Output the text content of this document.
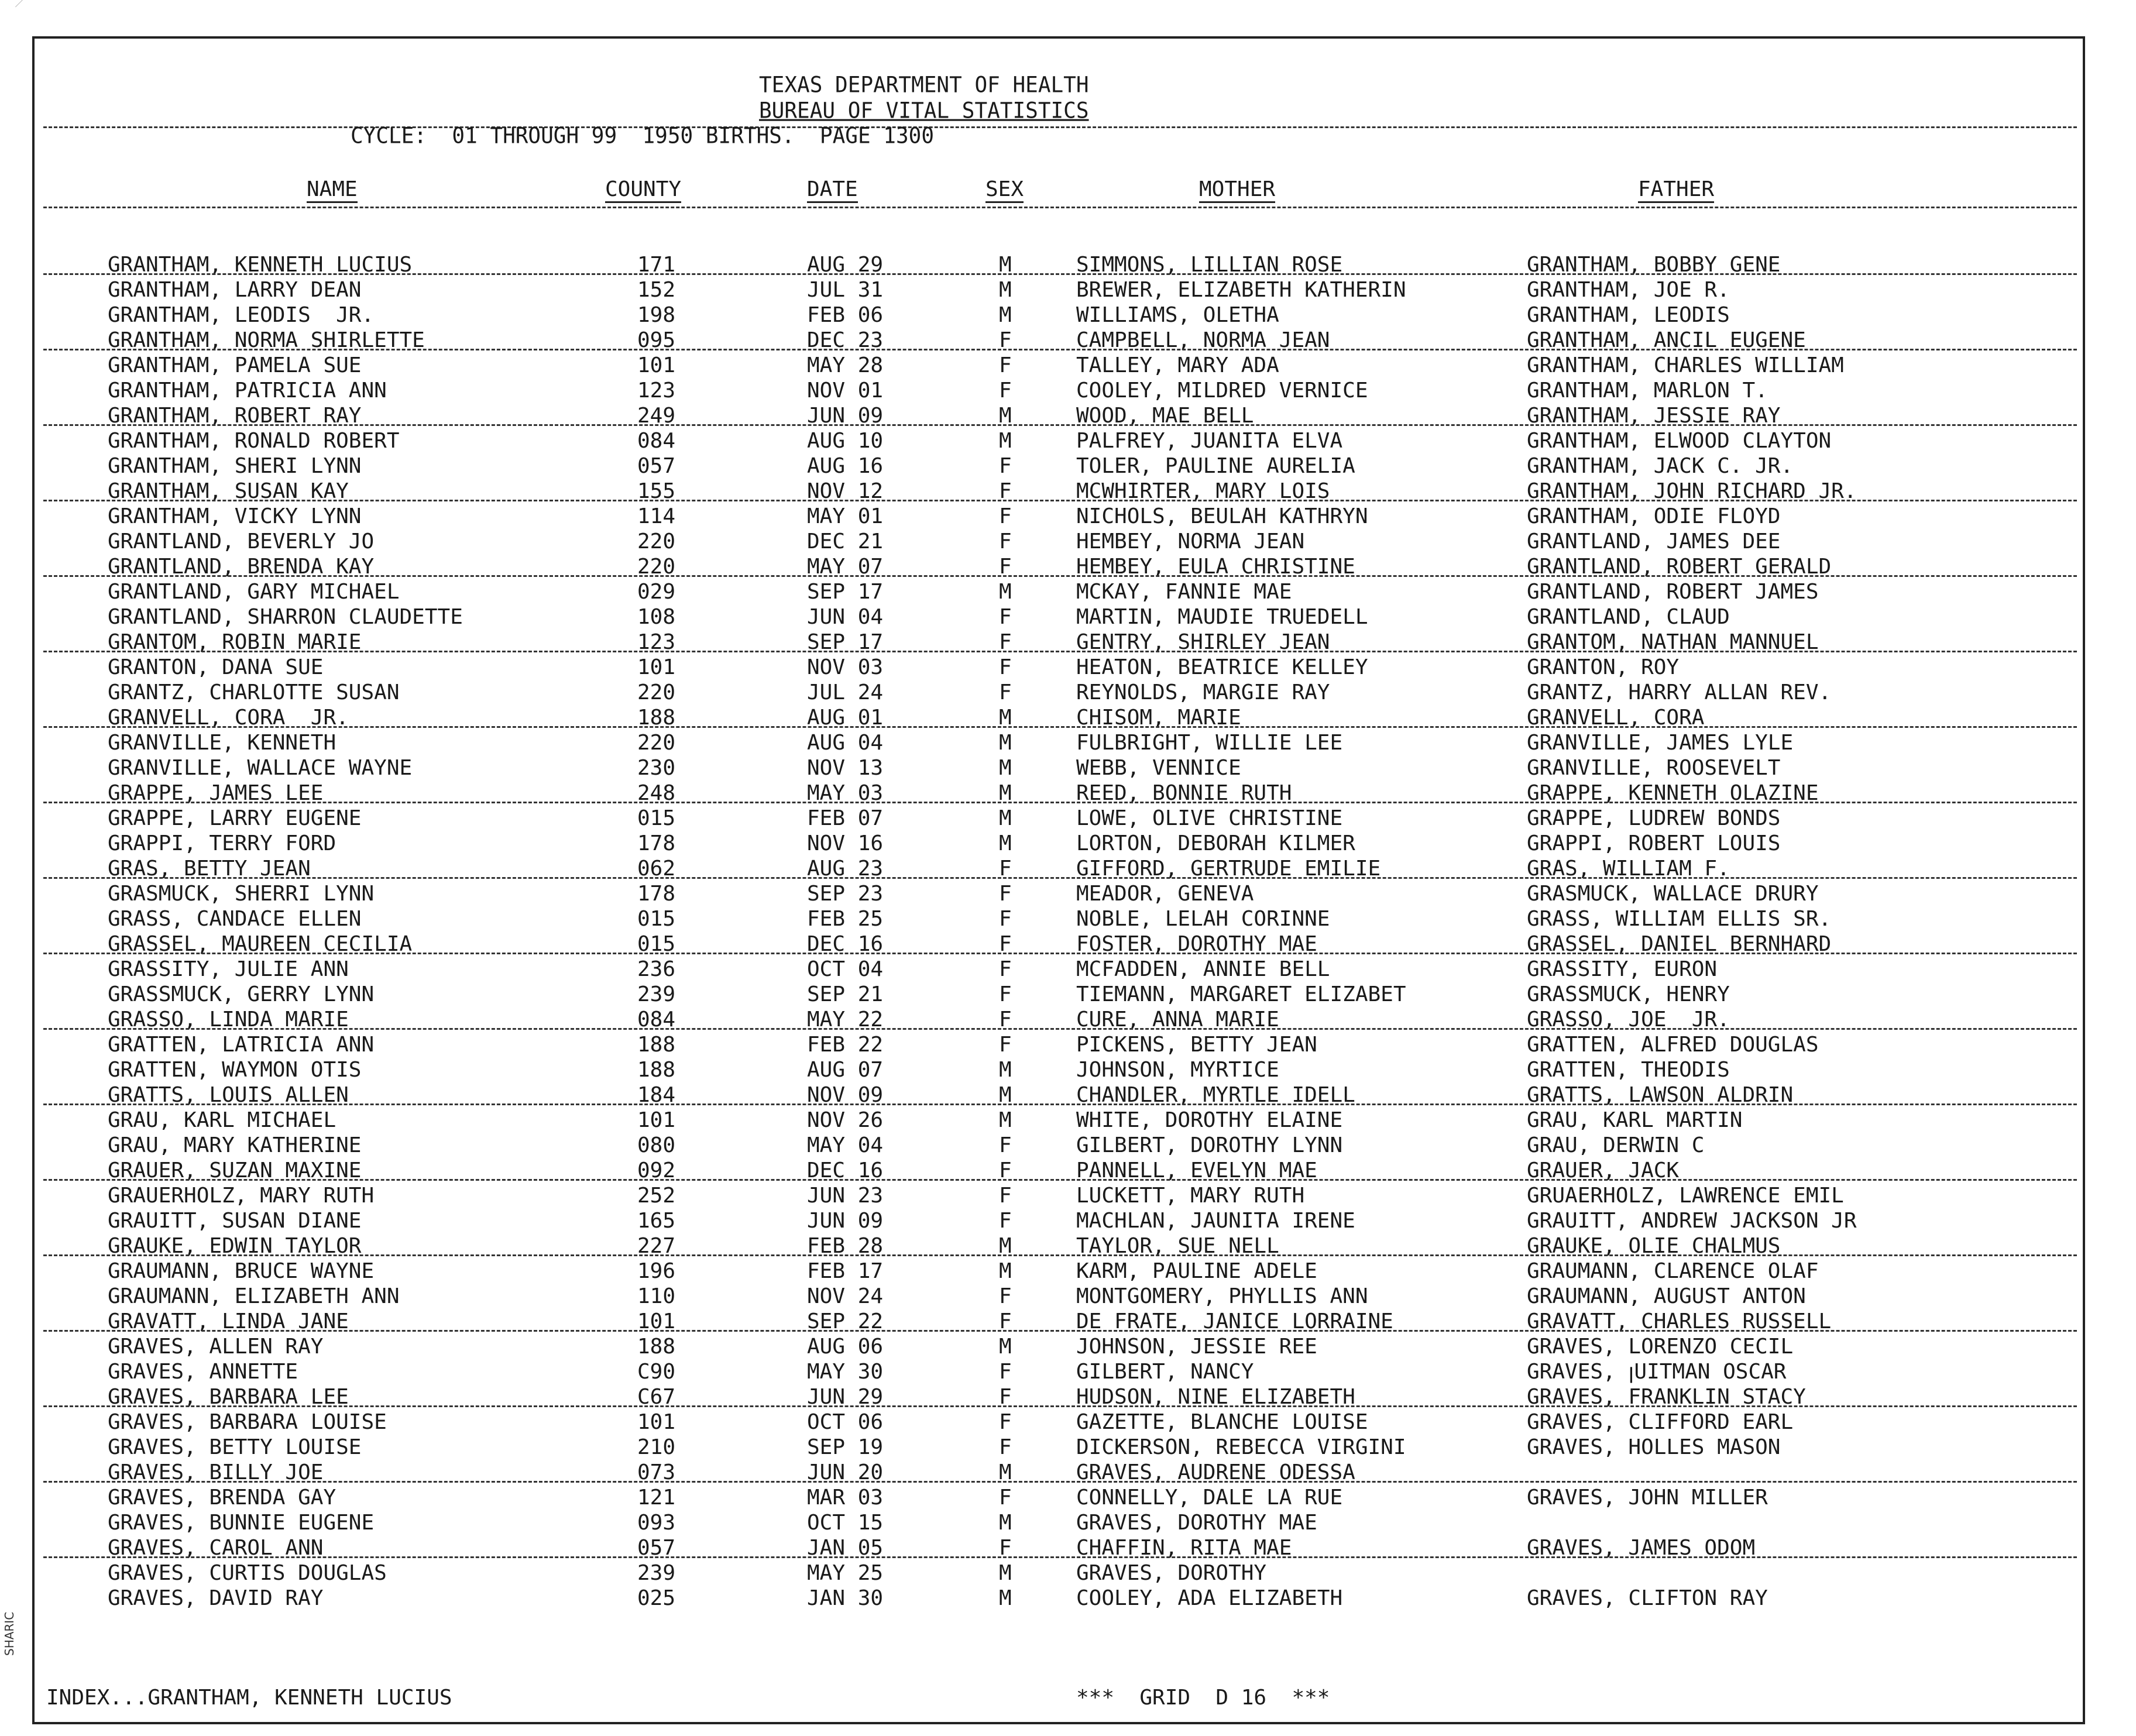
SHARIC
TEXAS DEPARTMENT OF HEALTH
BUREAU OF VITAL STATISTICS
CYCLE:  01 THROUGH 99  1950 BIRTHS.  PAGE 1300
NAME	COUNTY	DATE	SEX	MOTHER	FATHER
GRANTHAM, KENNETH LUCIUS	171	AUG 29	M	SIMMONS, LILLIAN ROSE	GRANTHAM, BOBBY GENE
GRANTHAM, LARRY DEAN	152	JUL 31	M	BREWER, ELIZABETH KATHERIN	GRANTHAM, JOE R.
GRANTHAM, LEODIS  JR.	198	FEB 06	M	WILLIAMS, OLETHA	GRANTHAM, LEODIS
GRANTHAM, NORMA SHIRLETTE	095	DEC 23	F	CAMPBELL, NORMA JEAN	GRANTHAM, ANCIL EUGENE
GRANTHAM, PAMELA SUE	101	MAY 28	F	TALLEY, MARY ADA	GRANTHAM, CHARLES WILLIAM
GRANTHAM, PATRICIA ANN	123	NOV 01	F	COOLEY, MILDRED VERNICE	GRANTHAM, MARLON T.
GRANTHAM, ROBERT RAY	249	JUN 09	M	WOOD, MAE BELL	GRANTHAM, JESSIE RAY
GRANTHAM, RONALD ROBERT	084	AUG 10	M	PALFREY, JUANITA ELVA	GRANTHAM, ELWOOD CLAYTON
GRANTHAM, SHERI LYNN	057	AUG 16	F	TOLER, PAULINE AURELIA	GRANTHAM, JACK C. JR.
GRANTHAM, SUSAN KAY	155	NOV 12	F	MCWHIRTER, MARY LOIS	GRANTHAM, JOHN RICHARD JR.
GRANTHAM, VICKY LYNN	114	MAY 01	F	NICHOLS, BEULAH KATHRYN	GRANTHAM, ODIE FLOYD
GRANTLAND, BEVERLY JO	220	DEC 21	F	HEMBEY, NORMA JEAN	GRANTLAND, JAMES DEE
GRANTLAND, BRENDA KAY	220	MAY 07	F	HEMBEY, EULA CHRISTINE	GRANTLAND, ROBERT GERALD
GRANTLAND, GARY MICHAEL	029	SEP 17	M	MCKAY, FANNIE MAE	GRANTLAND, ROBERT JAMES
GRANTLAND, SHARRON CLAUDETTE	108	JUN 04	F	MARTIN, MAUDIE TRUEDELL	GRANTLAND, CLAUD
GRANTOM, ROBIN MARIE	123	SEP 17	F	GENTRY, SHIRLEY JEAN	GRANTOM, NATHAN MANNUEL
GRANTON, DANA SUE	101	NOV 03	F	HEATON, BEATRICE KELLEY	GRANTON, ROY
GRANTZ, CHARLOTTE SUSAN	220	JUL 24	F	REYNOLDS, MARGIE RAY	GRANTZ, HARRY ALLAN REV.
GRANVELL, CORA  JR.	188	AUG 01	M	CHISOM, MARIE	GRANVELL, CORA
GRANVILLE, KENNETH	220	AUG 04	M	FULBRIGHT, WILLIE LEE	GRANVILLE, JAMES LYLE
GRANVILLE, WALLACE WAYNE	230	NOV 13	M	WEBB, VENNICE	GRANVILLE, ROOSEVELT
GRAPPE, JAMES LEE	248	MAY 03	M	REED, BONNIE RUTH	GRAPPE, KENNETH OLAZINE
GRAPPE, LARRY EUGENE	015	FEB 07	M	LOWE, OLIVE CHRISTINE	GRAPPE, LUDREW BONDS
GRAPPI, TERRY FORD	178	NOV 16	M	LORTON, DEBORAH KILMER	GRAPPI, ROBERT LOUIS
GRAS, BETTY JEAN	062	AUG 23	F	GIFFORD, GERTRUDE EMILIE	GRAS, WILLIAM F.
GRASMUCK, SHERRI LYNN	178	SEP 23	F	MEADOR, GENEVA	GRASMUCK, WALLACE DRURY
GRASS, CANDACE ELLEN	015	FEB 25	F	NOBLE, LELAH CORINNE	GRASS, WILLIAM ELLIS SR.
GRASSEL, MAUREEN CECILIA	015	DEC 16	F	FOSTER, DOROTHY MAE	GRASSEL, DANIEL BERNHARD
GRASSITY, JULIE ANN	236	OCT 04	F	MCFADDEN, ANNIE BELL	GRASSITY, EURON
GRASSMUCK, GERRY LYNN	239	SEP 21	F	TIEMANN, MARGARET ELIZABET	GRASSMUCK, HENRY
GRASSO, LINDA MARIE	084	MAY 22	F	CURE, ANNA MARIE	GRASSO, JOE  JR.
GRATTEN, LATRICIA ANN	188	FEB 22	F	PICKENS, BETTY JEAN	GRATTEN, ALFRED DOUGLAS
GRATTEN, WAYMON OTIS	188	AUG 07	M	JOHNSON, MYRTICE	GRATTEN, THEODIS
GRATTS, LOUIS ALLEN	184	NOV 09	M	CHANDLER, MYRTLE IDELL	GRATTS, LAWSON ALDRIN
GRAU, KARL MICHAEL	101	NOV 26	M	WHITE, DOROTHY ELAINE	GRAU, KARL MARTIN
GRAU, MARY KATHERINE	080	MAY 04	F	GILBERT, DOROTHY LYNN	GRAU, DERWIN C
GRAUER, SUZAN MAXINE	092	DEC 16	F	PANNELL, EVELYN MAE	GRAUER, JACK
GRAUERHOLZ, MARY RUTH	252	JUN 23	F	LUCKETT, MARY RUTH	GRUAERHOLZ, LAWRENCE EMIL
GRAUITT, SUSAN DIANE	165	JUN 09	F	MACHLAN, JAUNITA IRENE	GRAUITT, ANDREW JACKSON JR
GRAUKE, EDWIN TAYLOR	227	FEB 28	M	TAYLOR, SUE NELL	GRAUKE, OLIE CHALMUS
GRAUMANN, BRUCE WAYNE	196	FEB 17	M	KARM, PAULINE ADELE	GRAUMANN, CLARENCE OLAF
GRAUMANN, ELIZABETH ANN	110	NOV 24	F	MONTGOMERY, PHYLLIS ANN	GRAUMANN, AUGUST ANTON
GRAVATT, LINDA JANE	101	SEP 22	F	DE FRATE, JANICE LORRAINE	GRAVATT, CHARLES RUSSELL
GRAVES, ALLEN RAY	188	AUG 06	M	JOHNSON, JESSIE REE	GRAVES, LORENZO CECIL
GRAVES, ANNETTE	C90	MAY 30	F	GILBERT, NANCY	GRAVES, ꞁUITMAN OSCAR
GRAVES, BARBARA LEE	C67	JUN 29	F	HUDSON, NINE ELIZABETH	GRAVES, FRANKLIN STACY
GRAVES, BARBARA LOUISE	101	OCT 06	F	GAZETTE, BLANCHE LOUISE	GRAVES, CLIFFORD EARL
GRAVES, BETTY LOUISE	210	SEP 19	F	DICKERSON, REBECCA VIRGINI	GRAVES, HOLLES MASON
GRAVES, BILLY JOE	073	JUN 20	M	GRAVES, AUDRENE ODESSA
GRAVES, BRENDA GAY	121	MAR 03	F	CONNELLY, DALE LA RUE	GRAVES, JOHN MILLER
GRAVES, BUNNIE EUGENE	093	OCT 15	M	GRAVES, DOROTHY MAE
GRAVES, CAROL ANN	057	JAN 05	F	CHAFFIN, RITA MAE	GRAVES, JAMES ODOM
GRAVES, CURTIS DOUGLAS	239	MAY 25	M	GRAVES, DOROTHY
GRAVES, DAVID RAY	025	JAN 30	M	COOLEY, ADA ELIZABETH	GRAVES, CLIFTON RAY
INDEX...GRANTHAM, KENNETH LUCIUS	***  GRID  D 16  ***
